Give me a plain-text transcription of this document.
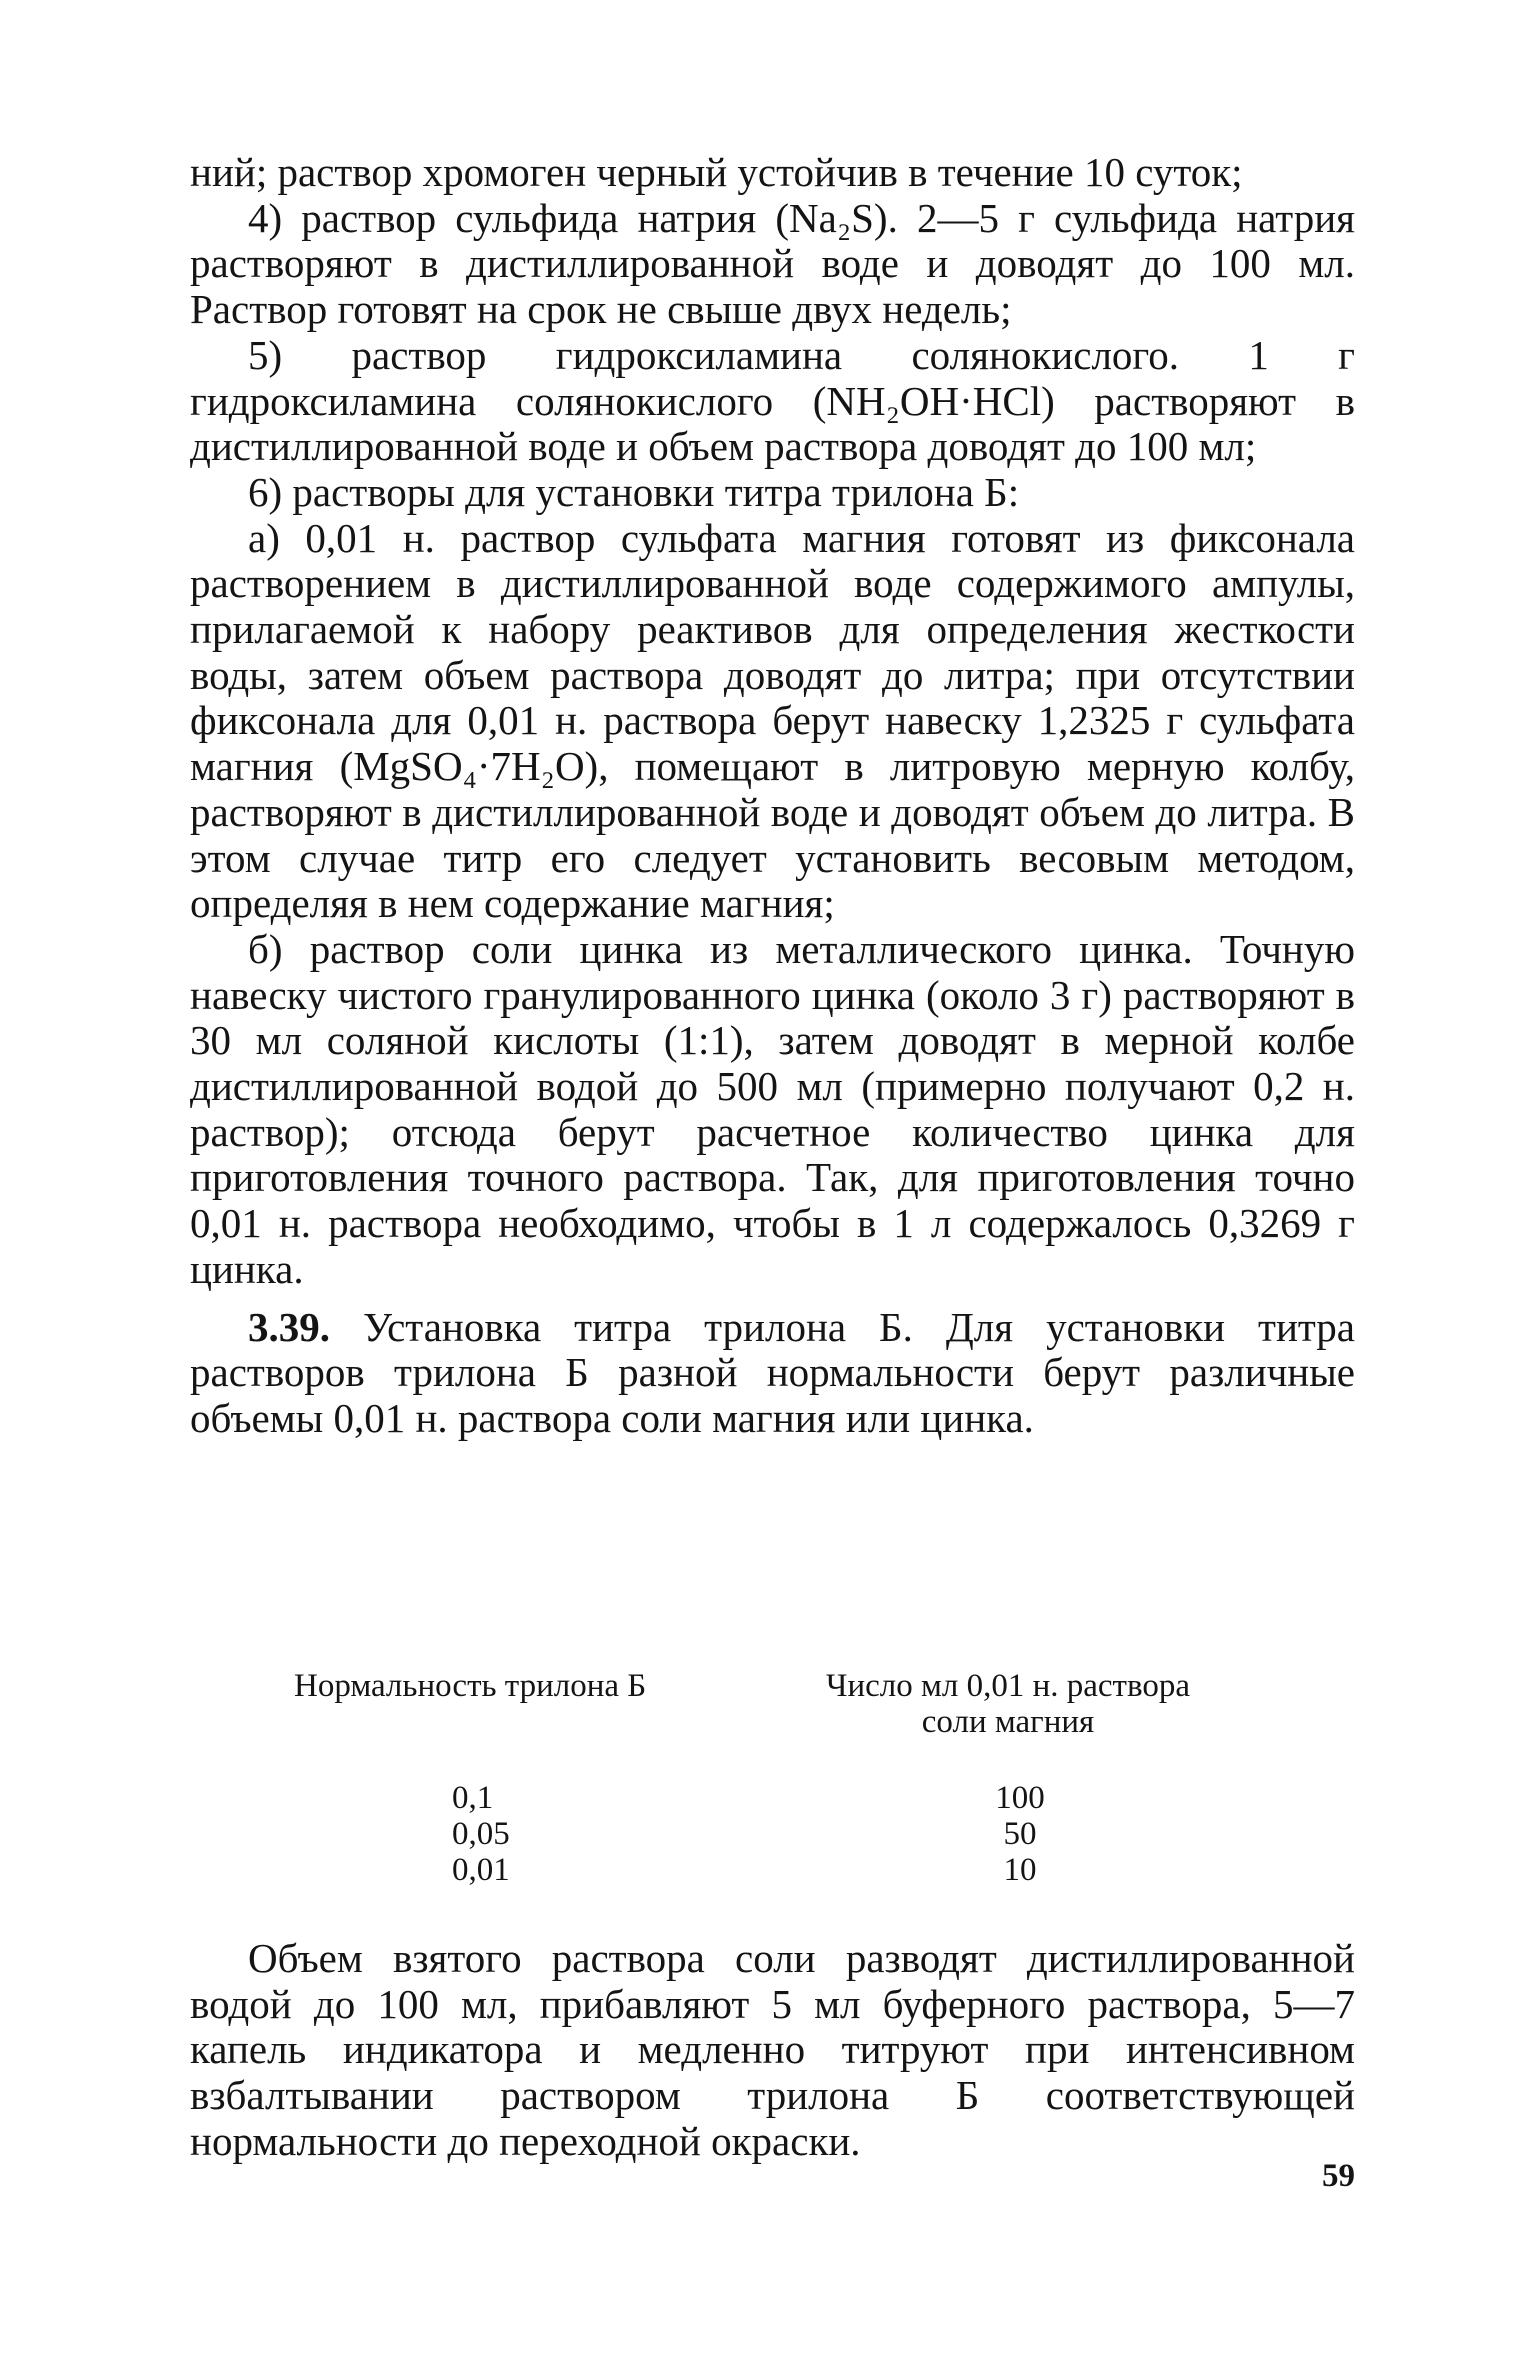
ний; раствор хромоген черный устойчив в течение 10 суток;

4) раствор сульфида натрия (Na₂S). 2—5 г сульфида натрия растворяют в дистиллированной воде и доводят до 100 мл. Раствор готовят на срок не свыше двух недель;

5) раствор гидроксиламина солянокислого. 1 г гидроксиламина солянокислого (NH₂OH·HCl) растворяют в дистиллированной воде и объем раствора доводят до 100 мл;

6) растворы для установки титра трилона Б:

а) 0,01 н. раствор сульфата магния готовят из фиксонала растворением в дистиллированной воде содержимого ампулы, прилагаемой к набору реактивов для определения жесткости воды, затем объем раствора доводят до литра; при отсутствии фиксонала для 0,01 н. раствора берут навеску 1,2325 г сульфата магния (MgSO₄·7H₂O), помещают в литровую мерную колбу, растворяют в дистиллированной воде и доводят объем до литра. В этом случае титр его следует установить весовым методом, определяя в нем содержание магния;

б) раствор соли цинка из металлического цинка. Точную навеску чистого гранулированного цинка (около 3 г) растворяют в 30 мл соляной кислоты (1:1), затем доводят в мерной колбе дистиллированной водой до 500 мл (примерно получают 0,2 н. раствор); отсюда берут расчетное количество цинка для приготовления точного раствора. Так, для приготовления точно 0,01 н. раствора необходимо, чтобы в 1 л содержалось 0,3269 г цинка.

3.39. Установка титра трилона Б. Для установки титра растворов трилона Б разной нормальности берут различные объемы 0,01 н. раствора соли магния или цинка.

Нормальность трилона Б	Число мл 0,01 н. раствора
соли магния
0,1	100
0,05	50
0,01	10

Объем взятого раствора соли разводят дистиллированной водой до 100 мл, прибавляют 5 мл буферного раствора, 5—7 капель индикатора и медленно титруют при интенсивном взбалтывании раствором трилона Б соответствующей нормальности до переходной окраски.

59
